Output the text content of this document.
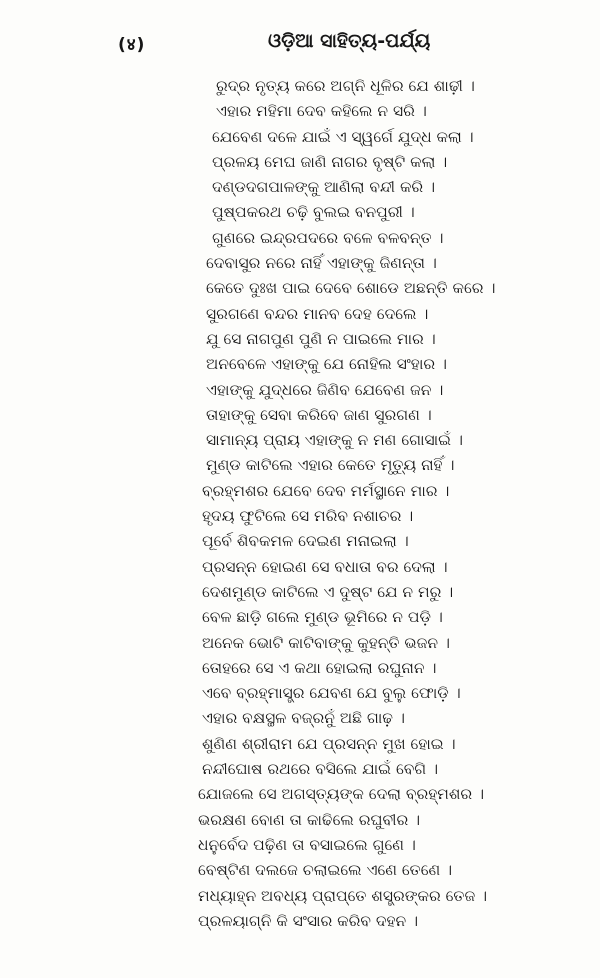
(४)	ଓଡ଼ିଆ ସାହିତ୍ୟ-ପର୍ଯ୍ୟ
ରୁଦ୍ର ନୃତ୍ୟ କରେ ଅଗ୍ନି ଧୂଳିର ଯେ ଶାଢ଼ୀ ।
ଏହାର ମହିମା ଦେବ କହିଲେ ନ ସରି ।
ଯେବେଣ ଦଳେ ଯାଇଁ ଏ ସ୍ୱର୍ଗେ ଯୁଦ୍ଧ କଲା ।
ପ୍ରଳୟ ମେଘ ଜାଣି ନାଗର ବୃଷ୍ଟି କଲା ।
ଦଣ୍ଡଦଗପାଳଙ୍କୁ ଆଣିଲା ବନ୍ଦୀ କରି ।
ପୁଷ୍ପକରଥ ଚଢ଼ି ବୁଲଇ ବନପୁରୀ ।
ଗୁଣରେ ଇନ୍ଦ୍ରପଦରେ ବଳେ ବଳବନ୍ତ ।
ଦେବାସୁର ନରେ ନାହିଁ ଏହାଙ୍କୁ ଜିଣନ୍ତା ।
କେତେ ଦୁଃଖ ପାଇ ଦେବେ ଶୋଡେ ଅଛନ୍ତି କରେ ।
ସୁରଗଣେ ବନ୍ଦର ମାନବ ଦେହ ଦେଲେ ।
ଯୁ ସେ ନାଗପୁଣ ପୁଣି ନ ପାଇଲେ ମାର ।
ଅନବେଳେ ଏହାଙ୍କୁ ଯେ ନୋହିଲ ସଂହାର ।
ଏହାଙ୍କୁ ଯୁଦ୍ଧରେ ଜିଣିବ ଯେବେଣ ଜନ ।
ତାହାଙ୍କୁ ସେବା କରିବେ ଜାଣ ସୁରଗଣ ।
ସାମାନ୍ୟ ପ୍ରାୟ ଏହାଙ୍କୁ ନ ମଣ ଗୋସାଇଁ ।
ମୁଣ୍ଡ କାଟିଲେ ଏହାର କେତେ ମୃତ୍ୟୁ ନାହିଁ ।
ବ୍ରହ୍ମଶର ଯେବେ ଦେବ ମର୍ମସ୍ଥାନେ ମାର ।
ହୃଦୟ ଫୁଟିଲେ ସେ ମରିବ ନଶାଚର ।
ପୂର୍ବେ ଶିବକମଳ ଦେଇଣ ମନାଇଲା ।
ପ୍ରସନ୍ନ ହୋଇଣ ସେ ବଧାତା ବର ଦେଲା ।
ଦେଶମୁଣ୍ଡ କାଟିଲେ ଏ ଦୁଷ୍ଟ ଯେ ନ ମରୁ ।
ବେଳ ଛାଡ଼ି ଗଲେ ମୁଣ୍ଡ ଭୂମିରେ ନ ପଡ଼ି ।
ଅନେକ ଭୋଟି କାଟିବାଙ୍କୁ କୁହନ୍ତି ଭଜନ ।
ତୋହରେ ସେ ଏ କଥା ହୋଇଲା ରଘୁନାନ ।
ଏବେ ବ୍ରହ୍ମାସ୍ତ୍ର ଯେବଣ ଯେ ବୁଲୁ ଫୋଡ଼ି ।
ଏହାର ବକ୍ଷସ୍ଥଳ ବଜ୍ରନୁଁ ଅଛି ଗାଢ଼ ।
ଶୁଣିଣ ଶ୍ରୀରାମ ଯେ ପ୍ରସନ୍ନ ମୁଖ ହୋଇ ।
ନନ୍ଦୀଘୋଷ ରଥରେ ବସିଲେ ଯାଇଁ ବେଗି ।
ଯୋଜଲେ ସେ ଅଗସ୍ତ୍ୟଙ୍କ ଦେଲା ବ୍ରହ୍ମଶର ।
ଭରକ୍ଷଣ ବୋଣ ତା କାଢିଲେ ରଘୁବୀର ।
ଧନୁର୍ବେଦ ପଢ଼ିଣ ତା ବସାଇଲେ ଗୁଣେ ।
ବେଷ୍ଟିଣ ଦଲଜେ ଚଲାଇଲେ ଏଣେ ତେଣେ ।
ମଧ୍ୟାହ୍ନ ଅବଧ୍ୟ ପ୍ରାପ୍ତେ ଶସ୍ତ୍ରଙ୍କର ତେଜ ।
ପ୍ରଳୟାଗ୍ନି କି ସଂସାର କରିବ ଦହନ ।
